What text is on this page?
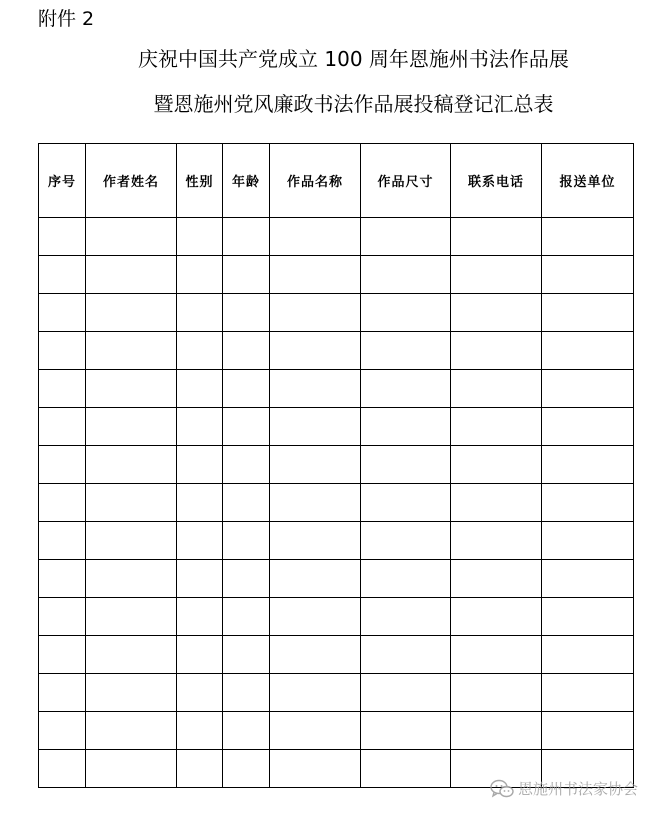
附件 2
庆祝中国共产党成立 100 周年恩施州书法作品展
暨恩施州党风廉政书法作品展投稿登记汇总表
序号	作者姓名	性别	年龄	作品名称	作品尺寸	联系电话	报送单位

恩施州书法家协会
